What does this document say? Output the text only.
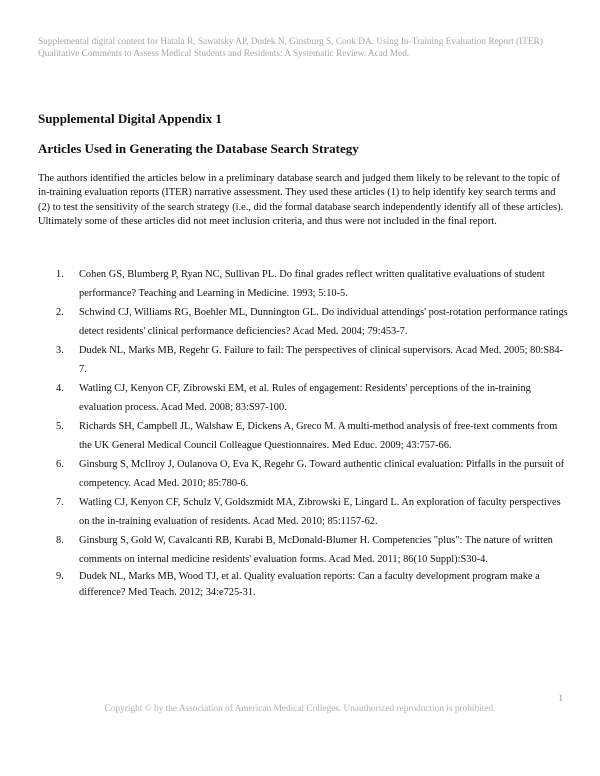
Supplemental digital content for Hatala R, Sawatsky AP, Dudek N, Ginsburg S, Cook DA. Using In-Training Evaluation Report (ITER) Qualitative Comments to Assess Medical Students and Residents: A Systematic Review. Acad Med.
Supplemental Digital Appendix 1
Articles Used in Generating the Database Search Strategy
The authors identified the articles below in a preliminary database search and judged them likely to be relevant to the topic of in-training evaluation reports (ITER) narrative assessment. They used these articles (1) to help identify key search terms and (2) to test the sensitivity of the search strategy (i.e., did the formal database search independently identify all of these articles). Ultimately some of these articles did not meet inclusion criteria, and thus were not included in the final report.
1. Cohen GS, Blumberg P, Ryan NC, Sullivan PL. Do final grades reflect written qualitative evaluations of student performance? Teaching and Learning in Medicine. 1993; 5:10-5.
2. Schwind CJ, Williams RG, Boehler ML, Dunnington GL. Do individual attendings' post-rotation performance ratings detect residents' clinical performance deficiencies? Acad Med. 2004; 79:453-7.
3. Dudek NL, Marks MB, Regehr G. Failure to fail: The perspectives of clinical supervisors. Acad Med. 2005; 80:S84-7.
4. Watling CJ, Kenyon CF, Zibrowski EM, et al. Rules of engagement: Residents' perceptions of the in-training evaluation process. Acad Med. 2008; 83:S97-100.
5. Richards SH, Campbell JL, Walshaw E, Dickens A, Greco M. A multi-method analysis of free-text comments from the UK General Medical Council Colleague Questionnaires. Med Educ. 2009; 43:757-66.
6. Ginsburg S, McIlroy J, Oulanova O, Eva K, Regehr G. Toward authentic clinical evaluation: Pitfalls in the pursuit of competency. Acad Med. 2010; 85:780-6.
7. Watling CJ, Kenyon CF, Schulz V, Goldszmidt MA, Zibrowski E, Lingard L. An exploration of faculty perspectives on the in-training evaluation of residents. Acad Med. 2010; 85:1157-62.
8. Ginsburg S, Gold W, Cavalcanti RB, Kurabi B, McDonald-Blumer H. Competencies "plus": The nature of written comments on internal medicine residents' evaluation forms. Acad Med. 2011; 86(10 Suppl):S30-4.
9. Dudek NL, Marks MB, Wood TJ, et al. Quality evaluation reports: Can a faculty development program make a difference? Med Teach. 2012; 34:e725-31.
1
Copyright © by the Association of American Medical Colleges. Unauthorized reproduction is prohibited.
